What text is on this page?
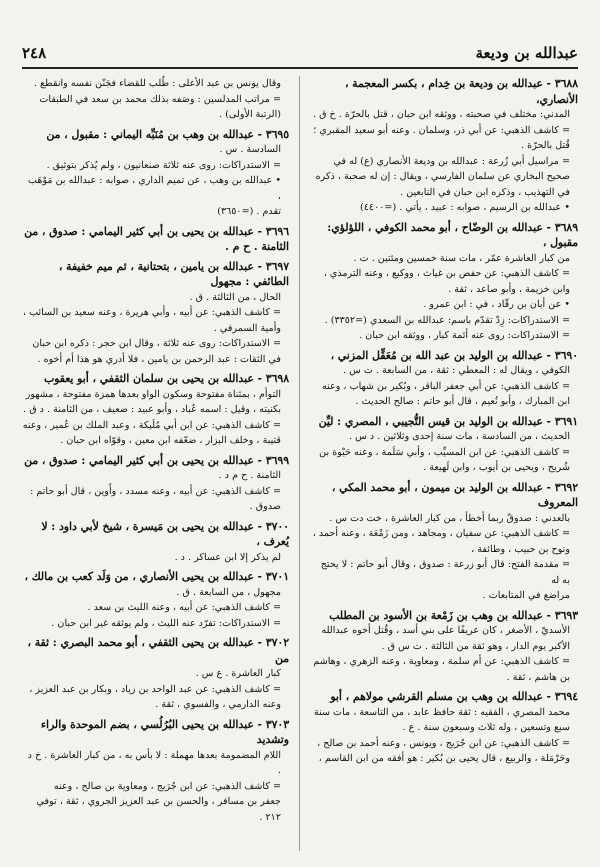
عبدالله بن وديعة
٢٤٨

٣٦٨٨ - عبدالله بن وديعة بن خِدام ، بكسر المعجمة ، الأنصاري،

المدني: مختلف في صحبته ، ووثقه ابن حبان ، قتل بالحرّة . خ ق .

= كاشف الذهبي: عن أبي ذر، وسلمان . وعنه أبو سعيد المقبري ؛

قُتل بالحرّة .

= مراسيل أبي زُرعة : عبدالله بن وديعة الأنصاري (ع) له في

صحيح البخاري عن سلمان الفارسي ، ويقال : إن له صحبة ، ذكره

في التهذيب ، وذكره ابن حبان في التابعين .

• عبدالله بن الرسيم ، صوابه : عبيد ، يأتي . (=٤٤٠٠)

٣٦٨٩ - عبدالله بن الوضّاح ، أبو محمد الكوفي ، اللؤلؤي: مقبول ،

من كبار العاشرة عمّر ، مات سنة خمسين ومئتين . ت .

= كاشف الذهبي: عن حفص بن غياث ، ووكيع ، وعنه الترمذي ،

وابن خزيمة ، وأبو صاعد ، ثقة .

• عن أبان بن رقّاد ، في : ابن عمرو .

= الاستدراكات: زِدْ تقدّم باسم: عبدالله بن السعدي (=٣٣٥٢) .

= الاستدراكات: روى عنه أئمة كبار ، ووثقه ابن حبان .

٣٦٩٠ - عبدالله بن الوليد بن عبد الله بن مُعَقِّل المزني ،

الكوفي ، ويقال له : المعطي : ثقة ، من السابعة . ت س .

= كاشف الذهبي: عن أبي جعفر الباقر ، وبُكير بن شهاب ، وعنه

ابن المبارك ، وأبو نُعيم ، قال أبو حاتم : صالح الحديث .

٣٦٩١ - عبدالله بن الوليد بن قيس التُّجيبي ، المصري : ليِّن

الحديث ، من السادسة ، مات سنة إحدى وثلاثين . د س .

= كاشف الذهبي: عن ابن المسيِّب ، وأبي سَلَمة ، وعنه حَيْوة بن

شُريح ، ويحيى بن أيوب ، وابن لَهيعة .

٣٦٩٢ - عبدالله بن الوليد بن ميمون ، أبو محمد المكي ، المعروف

بالعدني : صدوقٌ ربما أخطأ ، من كبار العاشرة ، خت دت س .

= كاشف الذهبي: عن سفيان ، ومجاهد ، ومن زَمْعَة ، وعنه أحمد ،

ونوح بن حبيب ، وطائفة ،

= مقدمة الفتح: قال أبو زرعة : صدوق ، وقال أبو حاتم : لا يحتج به له

مراضع في المتابعات .

٣٦٩٣ - عبدالله بن وهب بن زَمْعة بن الأسود بن المطلب

الأسديّ ، الأصغر ، كان عريفًا على بني أسد ، وقُتل أخوه عبدالله

الأكبر يوم الدار ، وهو ثقة من الثالثة . ت س ق .

= كاشف الذهبي: عن أم سلمة ، ومعاوية ، وعنه الزهري ، وهاشم

بن هاشم ، ثقة .

٣٦٩٤ - عبدالله بن وهب بن مسلم القرشي مولاهم ، أبو

محمد المصري ، الفقيه : ثقة حافظ عابد ، من التاسعة ، مات سنة

سبع وتسعين ، وله ثلاث وسبعون سنة . ع .

= كاشف الذهبي: عن ابن جُرَيج ، ويونس ، وعنه أحمد بن صالح ،

وحَرْمَلة ، والربيع ، قال يحيى بن بُكير : هو أفقه من ابن القاسم ،

وقال يونس بن عبد الأعلى : طُلب للقضاء فجَنّن نفسه وانقطع .

= مراتب المدلسين : وصَفه بذلك محمد بن سعد في الطبقات

(الرتبة الأولى) .

٣٦٩٥ - عبدالله بن وهب بن مُنَبِّه اليماني : مقبول ، من

السادسة . س .

= الاستدراكات: روى عنه ثلاثة صنعانيون ، ولم يُذكر بتوثيق .

• عبدالله بن وهب ، عن تميم الداري ، صوابه : عبدالله بن مَوْهَب ،

تقدم . (=٣٦٥٠)

٣٦٩٦ - عبدالله بن يحيى بن أبي كثير اليمامي : صدوق ، من الثامنة . ح م .

٣٦٩٧ - عبدالله بن يامين ، بتحتانية ، ثم ميم خفيفة ، الطائفي : مجهول

الحال ، من الثالثة . ق .

= كاشف الذهبي: عن أبيه ، وأبي هريرة ، وعنه سعيد بن السائب ،

وأمية السمرفي .

= الاستدراكات: روى عنه ثلاثة ، وقال ابن حجر : ذكره ابن حبان

في الثقات : عبد الرحمن بن يامين ، فلا أدري هو هذا أم أخوه .

٣٦٩٨ - عبدالله بن يحيى بن سلمان الثقفي ، أبو يعقوب

التوأم ، بمثناة مفتوحة وسكون الواو بعدها همزة مفتوحة ، مشهور

بكنيته ، وقيل : اسمه عُباد ، وأبو عبيد : ضعيف ، من الثامنة . د ق .

= كاشف الذهبي: عن ابن أبي مُلَيكة ، وعبد الملك بن عُمير ، وعنه

قتيبة ، وخلف البزار ، ضعّفه ابن معين ، وقوّاه ابن حبان .

٣٦٩٩ - عبدالله بن يحيى بن أبي كثير اليمامي : صدوق ، من

الثامنة . ح م د .

= كاشف الذهبي: عن أبيه ، وعنه مسدد ، وأَوين ، قال أبو حاتم :

صدوق .

٣٧٠٠ - عبدالله بن يحيى بن مَيسرة ، شيخ لأبي داود : لا يُعرف ،

لم يذكر إلا ابن عساكر . د .

٣٧٠١ - عبدالله بن يحيى الأنصاري ، من وَلَد كعب بن مالك ،

مجهول ، من السابعة . ق .

= كاشف الذهبي: عن أبيه ، وعنه الليث بن سعد .

= الاستدراكات: تفرّد عنه الليث ، ولم يوثقه غير ابن حبان .

٣٧٠٢ - عبدالله بن يحيى الثقفي ، أبو محمد البصري : ثقة ، من

كبار العاشرة . ع س .

= كاشف الذهبي: عن عبد الواحد بن زياد ، وبكار بن عبد العزيز ،

وعنه الدارمي ، والفسوي ، ثقة .

٣٧٠٣ - عبدالله بن يحيى البُرُلُسي ، بضم الموحدة والراء وتشديد

اللام المضمومة بعدها مهملة : لا بأس به ، من كبار العاشرة . خ د .

= كاشف الذهبي: عن ابن جُرَيج ، ومعاوية بن صالح ، وعنه

جعفر بن مسافر ، والحسن بن عبد العزيز الجروي ، ثقة ، توفي ٢١٢ .
